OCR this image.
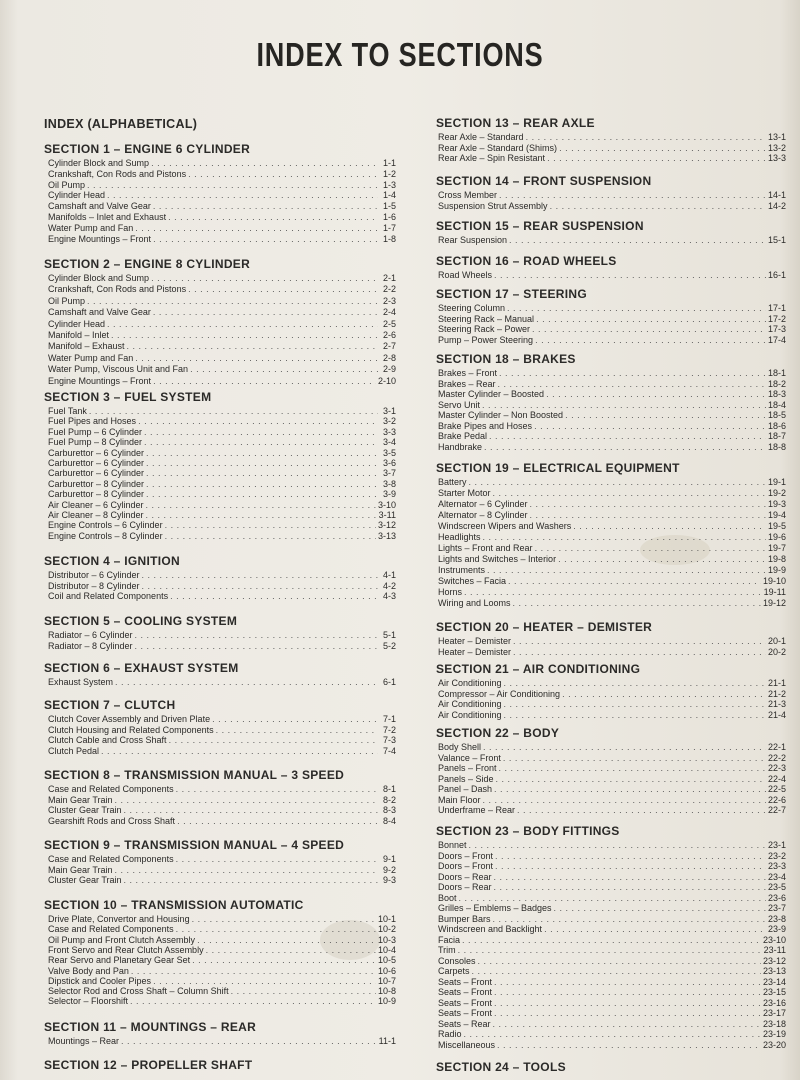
INDEX TO SECTIONS
INDEX (ALPHABETICAL)
SECTION 1 – ENGINE 6 CYLINDER
Cylinder Block and Sump . . .	1-1
Crankshaft, Con Rods and Pistons . . .	1-2
Oil Pump . . .	1-3
Cylinder Head . . .	1-4
Camshaft and Valve Gear . . .	1-5
Manifolds – Inlet and Exhaust . . .	1-6
Water Pump and Fan . . .	1-7
Engine Mountings – Front . . .	1-8
SECTION 2 – ENGINE 8 CYLINDER
Cylinder Block and Sump . . .	2-1
Crankshaft, Con Rods and Pistons . . .	2-2
Oil Pump . . .	2-3
Camshaft and Valve Gear . . .	2-4
Cylinder Head . . .	2-5
Manifold – Inlet . . .	2-6
Manifold – Exhaust . . .	2-7
Water Pump and Fan . . .	2-8
Water Pump, Viscous Unit and Fan . . .	2-9
Engine Mountings – Front . . .	2-10
SECTION 3 – FUEL SYSTEM
Fuel Tank . . .	3-1
Fuel Pipes and Hoses . . .	3-2
Fuel Pump – 6 Cylinder . . .	3-3
Fuel Pump – 8 Cylinder . . .	3-4
Carburettor – 6 Cylinder . . .	3-5
Carburettor – 6 Cylinder . . .	3-6
Carburettor – 6 Cylinder . . .	3-7
Carburettor – 8 Cylinder . . .	3-8
Carburettor – 8 Cylinder . . .	3-9
Air Cleaner – 6 Cylinder . . .	3-10
Air Cleaner – 8 Cylinder . . .	3-11
Engine Controls – 6 Cylinder . . .	3-12
Engine Controls – 8 Cylinder . . .	3-13
SECTION 4 – IGNITION
Distributor – 6 Cylinder . . .	4-1
Distributor – 8 Cylinder . . .	4-2
Coil and Related Components . . .	4-3
SECTION 5 – COOLING SYSTEM
Radiator – 6 Cylinder . . .	5-1
Radiator – 8 Cylinder . . .	5-2
SECTION 6 – EXHAUST SYSTEM
Exhaust System . . .	6-1
SECTION 7 – CLUTCH
Clutch Cover Assembly and Driven Plate . . .	7-1
Clutch Housing and Related Components . . .	7-2
Clutch Cable and Cross Shaft . . .	7-3
Clutch Pedal . . .	7-4
SECTION 8 – TRANSMISSION MANUAL – 3 SPEED
Case and Related Components . . .	8-1
Main Gear Train . . .	8-2
Cluster Gear Train . . .	8-3
Gearshift Rods and Cross Shaft . . .	8-4
SECTION 9 – TRANSMISSION MANUAL – 4 SPEED
Case and Related Components . . .	9-1
Main Gear Train . . .	9-2
Cluster Gear Train . . .	9-3
SECTION 10 – TRANSMISSION AUTOMATIC
Drive Plate, Convertor and Housing . . .	10-1
Case and Related Components . . .	10-2
Oil Pump and Front Clutch Assembly . . .	10-3
Front Servo and Rear Clutch Assembly . . .	10-4
Rear Servo and Planetary Gear Set . . .	10-5
Valve Body and Pan . . .	10-6
Dipstick and Cooler Pipes . . .	10-7
Selector Rod and Cross Shaft – Column Shift . . .	10-8
Selector – Floorshift . . .	10-9
SECTION 11 – MOUNTINGS – REAR
Mountings – Rear . . .	11-1
SECTION 12 – PROPELLER SHAFT
SECTION 13 – REAR AXLE
Rear Axle – Standard . . .	13-1
Rear Axle – Standard (Shims) . . .	13-2
Rear Axle – Spin Resistant . . .	13-3
SECTION 14 – FRONT SUSPENSION
Cross Member . . .	14-1
Suspension Strut Assembly . . .	14-2
SECTION 15 – REAR SUSPENSION
Rear Suspension . . .	15-1
SECTION 16 – ROAD WHEELS
Road Wheels . . .	16-1
SECTION 17 – STEERING
Steering Column . . .	17-1
Steering Rack – Manual . . .	17-2
Steering Rack – Power . . .	17-3
Pump – Power Steering . . .	17-4
SECTION 18 – BRAKES
Brakes – Front . . .	18-1
Brakes – Rear . . .	18-2
Master Cylinder – Boosted . . .	18-3
Servo Unit . . .	18-4
Master Cylinder – Non Boosted . . .	18-5
Brake Pipes and Hoses . . .	18-6
Brake Pedal . . .	18-7
Handbrake . . .	18-8
SECTION 19 – ELECTRICAL EQUIPMENT
Battery . . .	19-1
Starter Motor . . .	19-2
Alternator – 6 Cylinder . . .	19-3
Alternator – 8 Cylinder . . .	19-4
Windscreen Wipers and Washers . . .	19-5
Headlights . . .	19-6
Lights – Front and Rear . . .	19-7
Lights and Switches – Interior . . .	19-8
Instruments . . .	19-9
Switches – Facia . . .	19-10
Horns . . .	19-11
Wiring and Looms . . .	19-12
SECTION 20 – HEATER – DEMISTER
Heater – Demister . . .	20-1
Heater – Demister . . .	20-2
SECTION 21 – AIR CONDITIONING
Air Conditioning . . .	21-1
Compressor – Air Conditioning . . .	21-2
Air Conditioning . . .	21-3
Air Conditioning . . .	21-4
SECTION 22 – BODY
Body Shell . . .	22-1
Valance – Front . . .	22-2
Panels – Front . . .	22-3
Panels – Side . . .	22-4
Panel – Dash . . .	22-5
Main Floor . . .	22-6
Underframe – Rear . . .	22-7
SECTION 23 – BODY FITTINGS
Bonnet . . .	23-1
Doors – Front . . .	23-2
Doors – Front . . .	23-3
Doors – Rear . . .	23-4
Doors – Rear . . .	23-5
Boot . . .	23-6
Grilles – Emblems – Badges . . .	23-7
Bumper Bars . . .	23-8
Windscreen and Backlight . . .	23-9
Facia . . .	23-10
Trim . . .	23-11
Consoles . . .	23-12
Carpets . . .	23-13
Seats – Front . . .	23-14
Seats – Front . . .	23-15
Seats – Front . . .	23-16
Seats – Front . . .	23-17
Seats – Rear . . .	23-18
Radio . . .	23-19
Miscellaneous . . .	23-20
SECTION 24 – TOOLS
